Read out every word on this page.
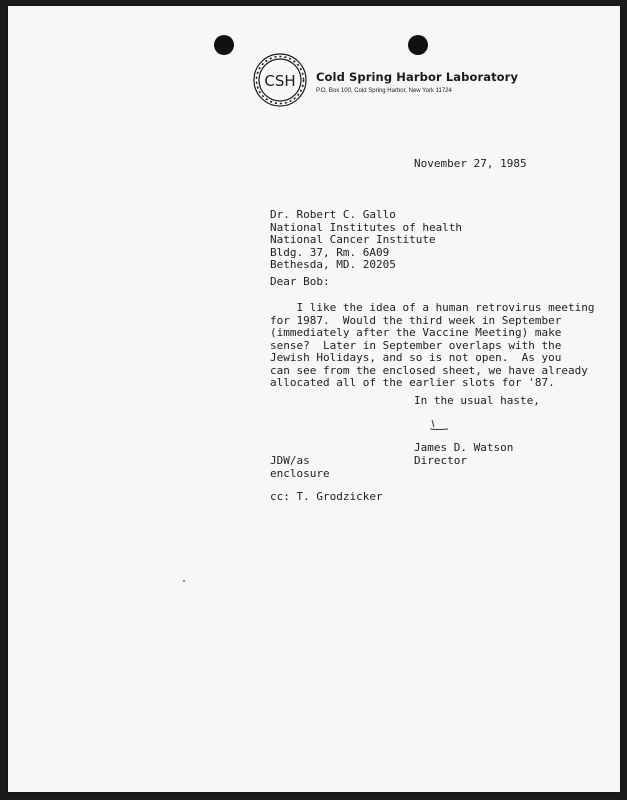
CSH Cold Spring Harbor Laboratory
P.O. Box 100, Cold Spring Harbor, New York 11724
November 27, 1985
Dr. Robert C. Gallo
National Institutes of health
National Cancer Institute
Bldg. 37, Rm. 6A09
Bethesda, MD. 20205
Dear Bob:
I like the idea of a human retrovirus meeting
for 1987.  Would the third week in September
(immediately after the Vaccine Meeting) make
sense?  Later in September overlaps with the
Jewish Holidays, and so is not open.  As you
can see from the enclosed sheet, we have already
allocated all of the earlier slots for '87.
In the usual haste,
James D. Watson
Director
JDW/as
enclosure
cc: T. Grodzicker
